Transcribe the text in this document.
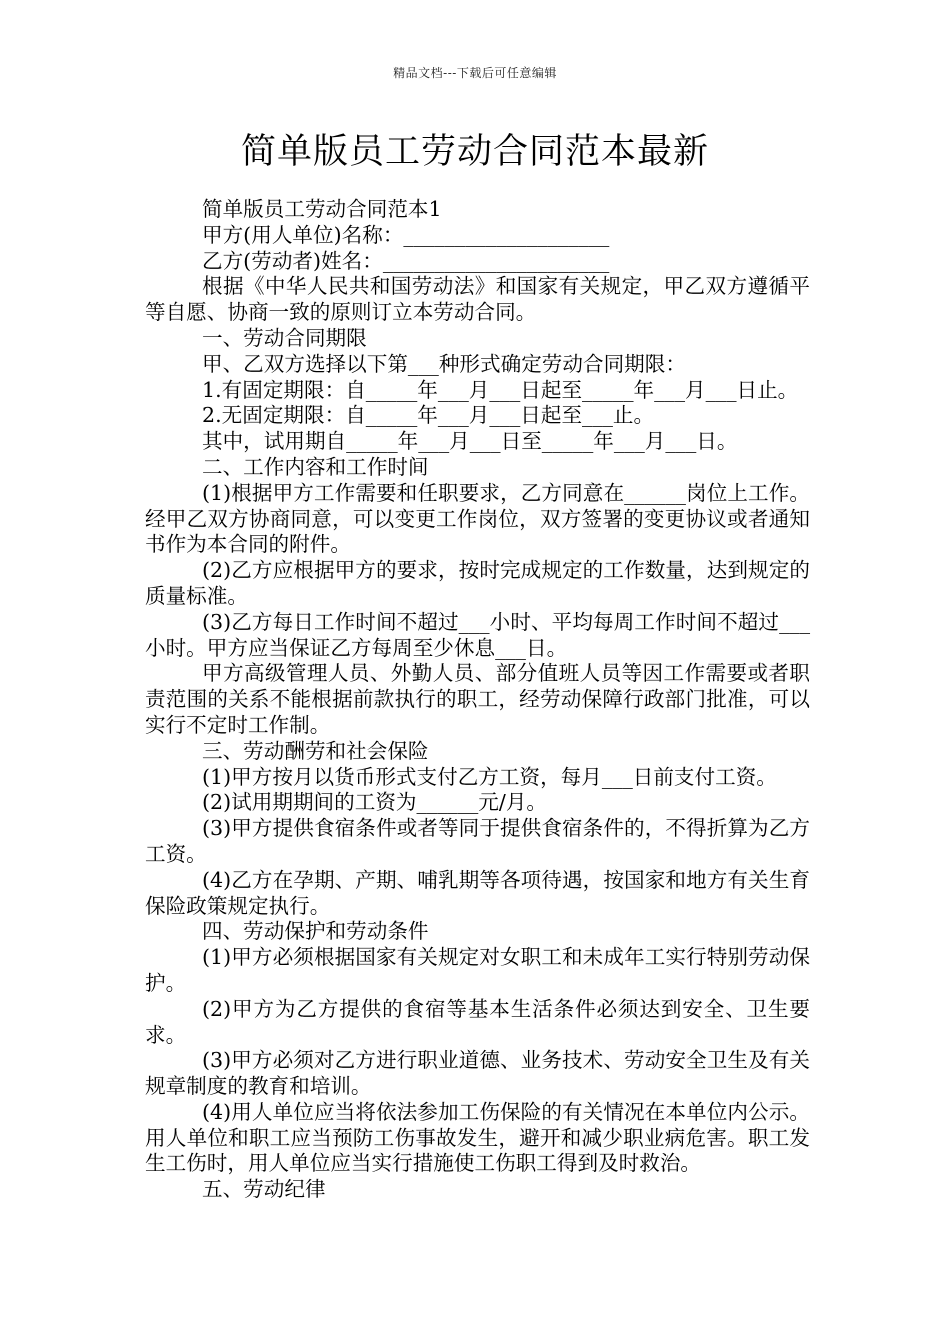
精品文档---下载后可任意编辑
简单版员工劳动合同范本最新

简单版员工劳动合同范本1

甲方(用人单位)名称：____________________

乙方(劳动者)姓名：______________________

根据《中华人民共和国劳动法》和国家有关规定，甲乙双方遵循平等自愿、协商一致的原则订立本劳动合同。

一、劳动合同期限

甲、乙双方选择以下第___种形式确定劳动合同期限：

1.有固定期限：自_____年___月___日起至_____年___月___日止。

2.无固定期限：自_____年___月___日起至___止。

其中，试用期自_____年___月___日至_____年___月___日。

二、工作内容和工作时间

(1)根据甲方工作需要和任职要求，乙方同意在______岗位上工作。经甲乙双方协商同意，可以变更工作岗位，双方签署的变更协议或者通知书作为本合同的附件。

(2)乙方应根据甲方的要求，按时完成规定的工作数量，达到规定的质量标准。

(3)乙方每日工作时间不超过___小时、平均每周工作时间不超过___小时。甲方应当保证乙方每周至少休息___日。

甲方高级管理人员、外勤人员、部分值班人员等因工作需要或者职责范围的关系不能根据前款执行的职工，经劳动保障行政部门批准，可以实行不定时工作制。

三、劳动酬劳和社会保险

(1)甲方按月以货币形式支付乙方工资，每月___日前支付工资。

(2)试用期期间的工资为______元/月。

(3)甲方提供食宿条件或者等同于提供食宿条件的，不得折算为乙方工资。

(4)乙方在孕期、产期、哺乳期等各项待遇，按国家和地方有关生育保险政策规定执行。

四、劳动保护和劳动条件

(1)甲方必须根据国家有关规定对女职工和未成年工实行特别劳动保护。

(2)甲方为乙方提供的食宿等基本生活条件必须达到安全、卫生要求。

(3)甲方必须对乙方进行职业道德、业务技术、劳动安全卫生及有关规章制度的教育和培训。

(4)用人单位应当将依法参加工伤保险的有关情况在本单位内公示。用人单位和职工应当预防工伤事故发生，避开和减少职业病危害。职工发生工伤时，用人单位应当实行措施使工伤职工得到及时救治。

五、劳动纪律
